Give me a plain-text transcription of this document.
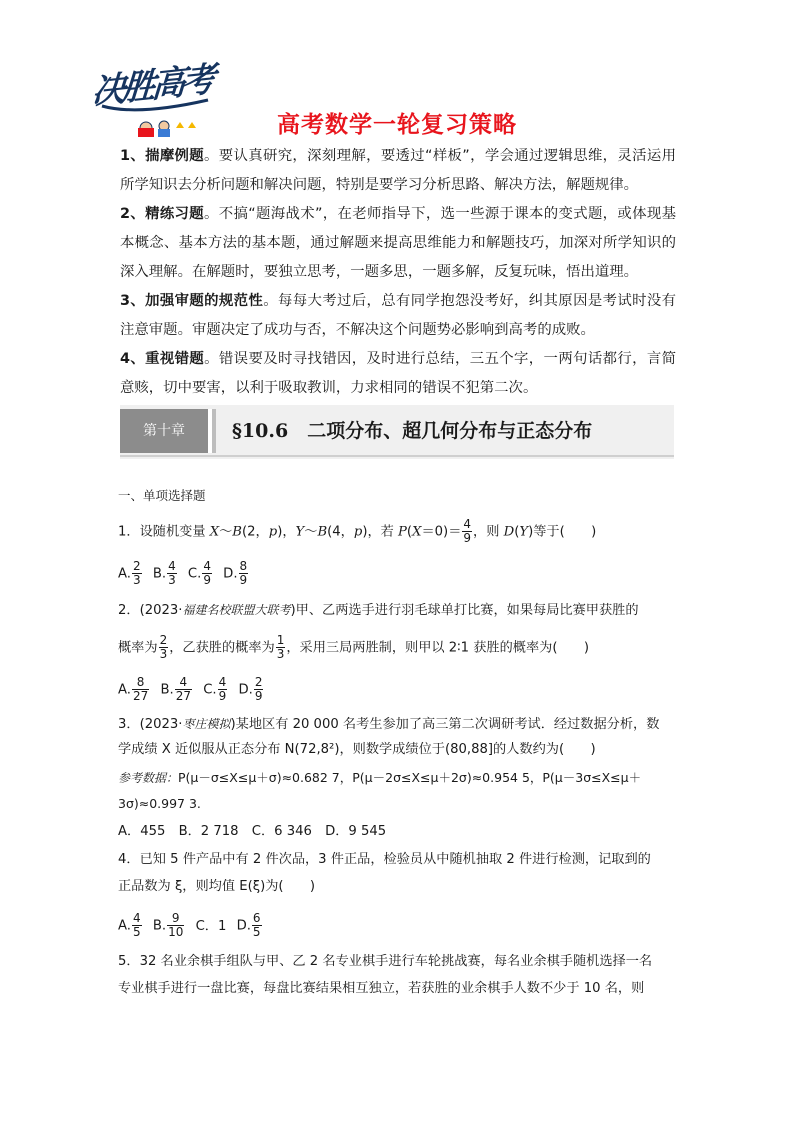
决胜高考
高考数学一轮复习策略

1、揣摩例题。要认真研究，深刻理解，要透过“样板”，学会通过逻辑思维，灵活运用所学知识去分析问题和解决问题，特别是要学习分析思路、解决方法，解题规律。

2、精练习题。不搞“题海战术”，在老师指导下，选一些源于课本的变式题，或体现基本概念、基本方法的基本题，通过解题来提高思维能力和解题技巧，加深对所学知识的深入理解。在解题时，要独立思考，一题多思，一题多解，反复玩味，悟出道理。

3、加强审题的规范性。每每大考过后，总有同学抱怨没考好，纠其原因是考试时没有注意审题。审题决定了成功与否，不解决这个问题势必影响到高考的成败。

4、重视错题。错误要及时寻找错因，及时进行总结，三五个字，一两句话都行，言简意赅，切中要害，以利于吸取教训，力求相同的错误不犯第二次。

第十章	§10.6　二项分布、超几何分布与正态分布
一、单项选择题
1．设随机变量 X～B(2，p)，Y～B(4，p)，若 $P(X=0)= \frac{4}{9}$ ，则 D(Y)等于(　　)
A. $\frac{2}{3} B$. $\frac{4}{3} C$. $\frac{4}{9} D$. $\frac{8}{9}$
2．(2023·福建名校联盟大联考)甲、乙两选手进行羽毛球单打比赛，如果每局比赛甲获胜的
概率为 $\frac{2}{3}$ ，乙获胜的概率为 $\frac{1}{3}$ ，采用三局两胜制，则甲以 2∶1 获胜的概率为(　　)
A. $\frac{8}{27} B$. $\frac{4}{27} C$. $\frac{4}{9} D$. $\frac{2}{9}$
3．(2023·枣庄模拟)某地区有 20 000 名考生参加了高三第二次调研考试．经过数据分析，数
学成绩 X 近似服从正态分布 N(72,8²)，则数学成绩位于(80,88]的人数约为(　　)
参考数据：P(μ－σ≤X≤μ＋σ)≈0.682 7，P(μ－2σ≤X≤μ＋2σ)≈0.954 5，P(μ－3σ≤X≤μ＋
3σ)≈0.997 3.
A．455　B．2 718　C．6 346　D．9 545
4．已知 5 件产品中有 2 件次品，3 件正品，检验员从中随机抽取 2 件进行检测，记取到的
正品数为 ξ，则均值 E(ξ)为(　　)
A. $\frac{4}{5} B$. $\frac{9}{10}$ C．1 D. $\frac{6}{5}$
5．32 名业余棋手组队与甲、乙 2 名专业棋手进行车轮挑战赛，每名业余棋手随机选择一名
专业棋手进行一盘比赛，每盘比赛结果相互独立，若获胜的业余棋手人数不少于 10 名，则
